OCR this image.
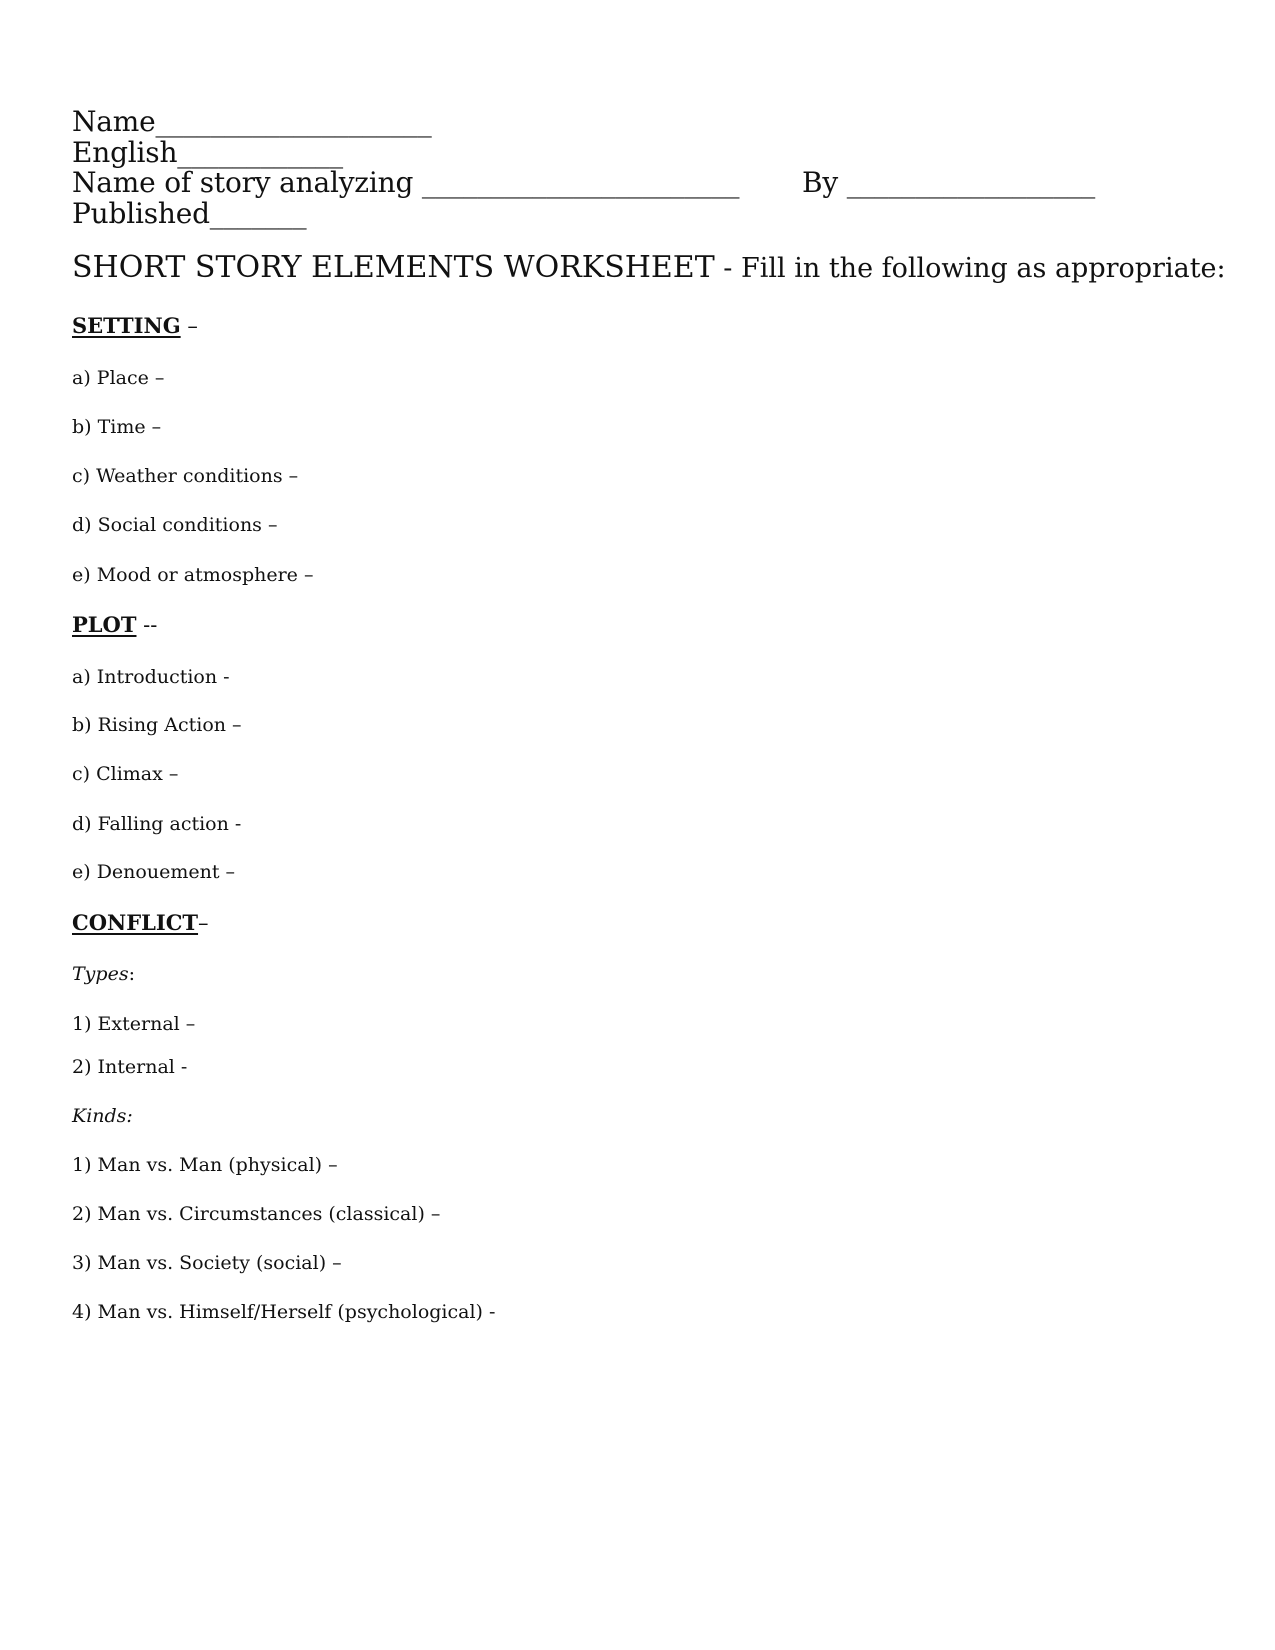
Name____________________
English____________
Name of story analyzing _______________________ By __________________
Published_______
SHORT STORY ELEMENTS WORKSHEET - Fill in the following as appropriate:
SETTING –
a) Place –
b) Time –
c) Weather conditions –
d) Social conditions –
e) Mood or atmosphere –
PLOT --
a) Introduction -
b) Rising Action –
c) Climax –
d) Falling action -
e) Denouement –
CONFLICT–
Types:
1) External –
2) Internal -
Kinds:
1) Man vs. Man (physical) –
2) Man vs. Circumstances (classical) –
3) Man vs. Society (social) –
4) Man vs. Himself/Herself (psychological) -
